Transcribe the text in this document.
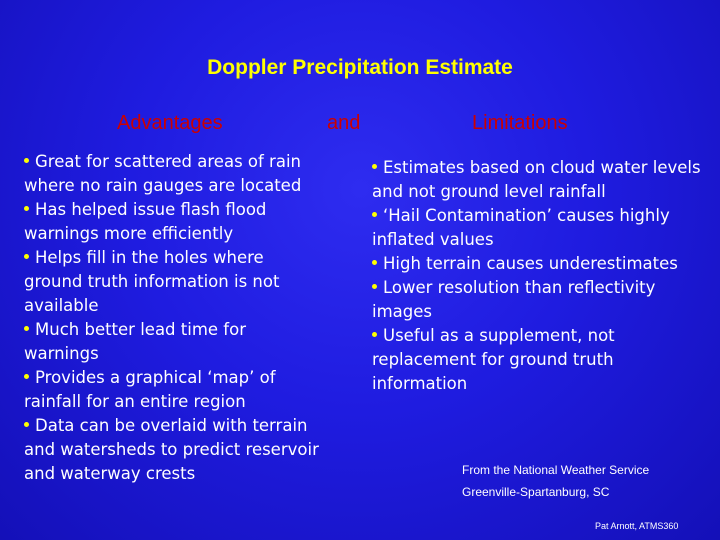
Doppler Precipitation Estimate
Advantages	and	Limitations

Great for scattered areas of rain where no rain gauges are located

Has helped issue flash flood warnings more efficiently

Helps fill in the holes where ground truth information is not available

Much better lead time for warnings

Provides a graphical ‘map’ of rainfall for an entire region

Data can be overlaid with terrain and watersheds to predict reservoir and waterway crests

Estimates based on cloud water levels and not ground level rainfall

‘Hail Contamination’ causes highly inflated values

High terrain causes underestimates

Lower resolution than reflectivity images

Useful as a supplement, not replacement for ground truth information

From the National Weather Service
Greenville-Spartanburg, SC
Pat Arnott, ATMS360
